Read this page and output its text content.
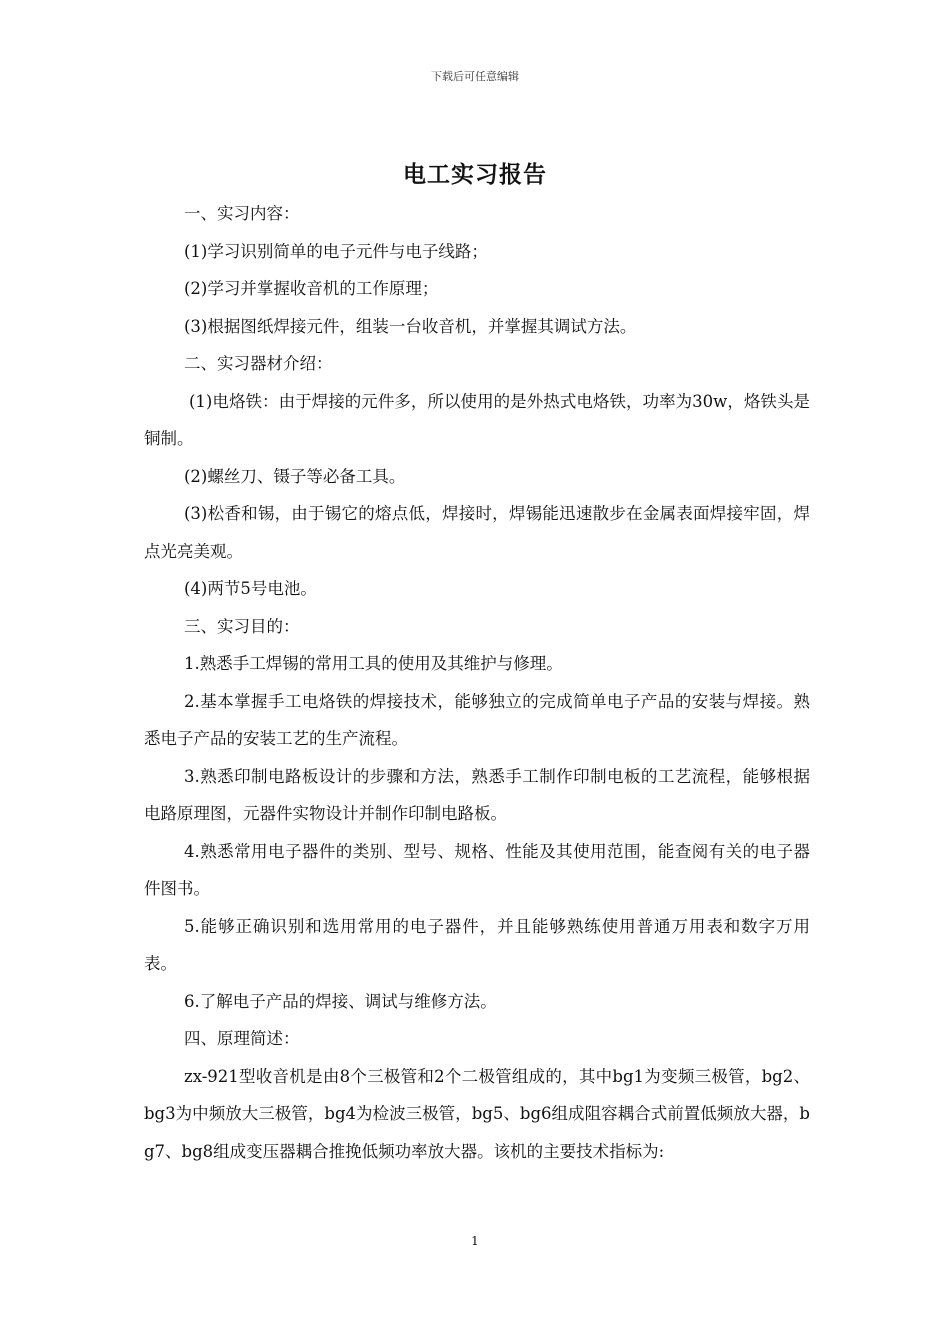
下载后可任意编辑
电工实习报告

一、实习内容：

(1)学习识别简单的电子元件与电子线路；

(2)学习并掌握收音机的工作原理；

(3)根据图纸焊接元件，组装一台收音机，并掌握其调试方法。

二、实习器材介绍：

(1)电烙铁：由于焊接的元件多，所以使用的是外热式电烙铁，功率为30w，烙铁头是铜制。

(2)螺丝刀、镊子等必备工具。

(3)松香和锡，由于锡它的熔点低，焊接时，焊锡能迅速散步在金属表面焊接牢固，焊点光亮美观。

(4)两节5号电池。

三、实习目的：

1.熟悉手工焊锡的常用工具的使用及其维护与修理。

2.基本掌握手工电烙铁的焊接技术，能够独立的完成简单电子产品的安装与焊接。熟悉电子产品的安装工艺的生产流程。

3.熟悉印制电路板设计的步骤和方法，熟悉手工制作印制电板的工艺流程，能够根据电路原理图，元器件实物设计并制作印制电路板。

4.熟悉常用电子器件的类别、型号、规格、性能及其使用范围，能查阅有关的电子器件图书。

5.能够正确识别和选用常用的电子器件，并且能够熟练使用普通万用表和数字万用表。

6.了解电子产品的焊接、调试与维修方法。

四、原理简述：

zx-921型收音机是由8个三极管和2个二极管组成的，其中bg1为变频三极管，bg2、bg3为中频放大三极管，bg4为检波三极管，bg5、bg6组成阻容耦合式前置低频放大器，bg7、bg8组成变压器耦合推挽低频功率放大器。该机的主要技术指标为:

1
